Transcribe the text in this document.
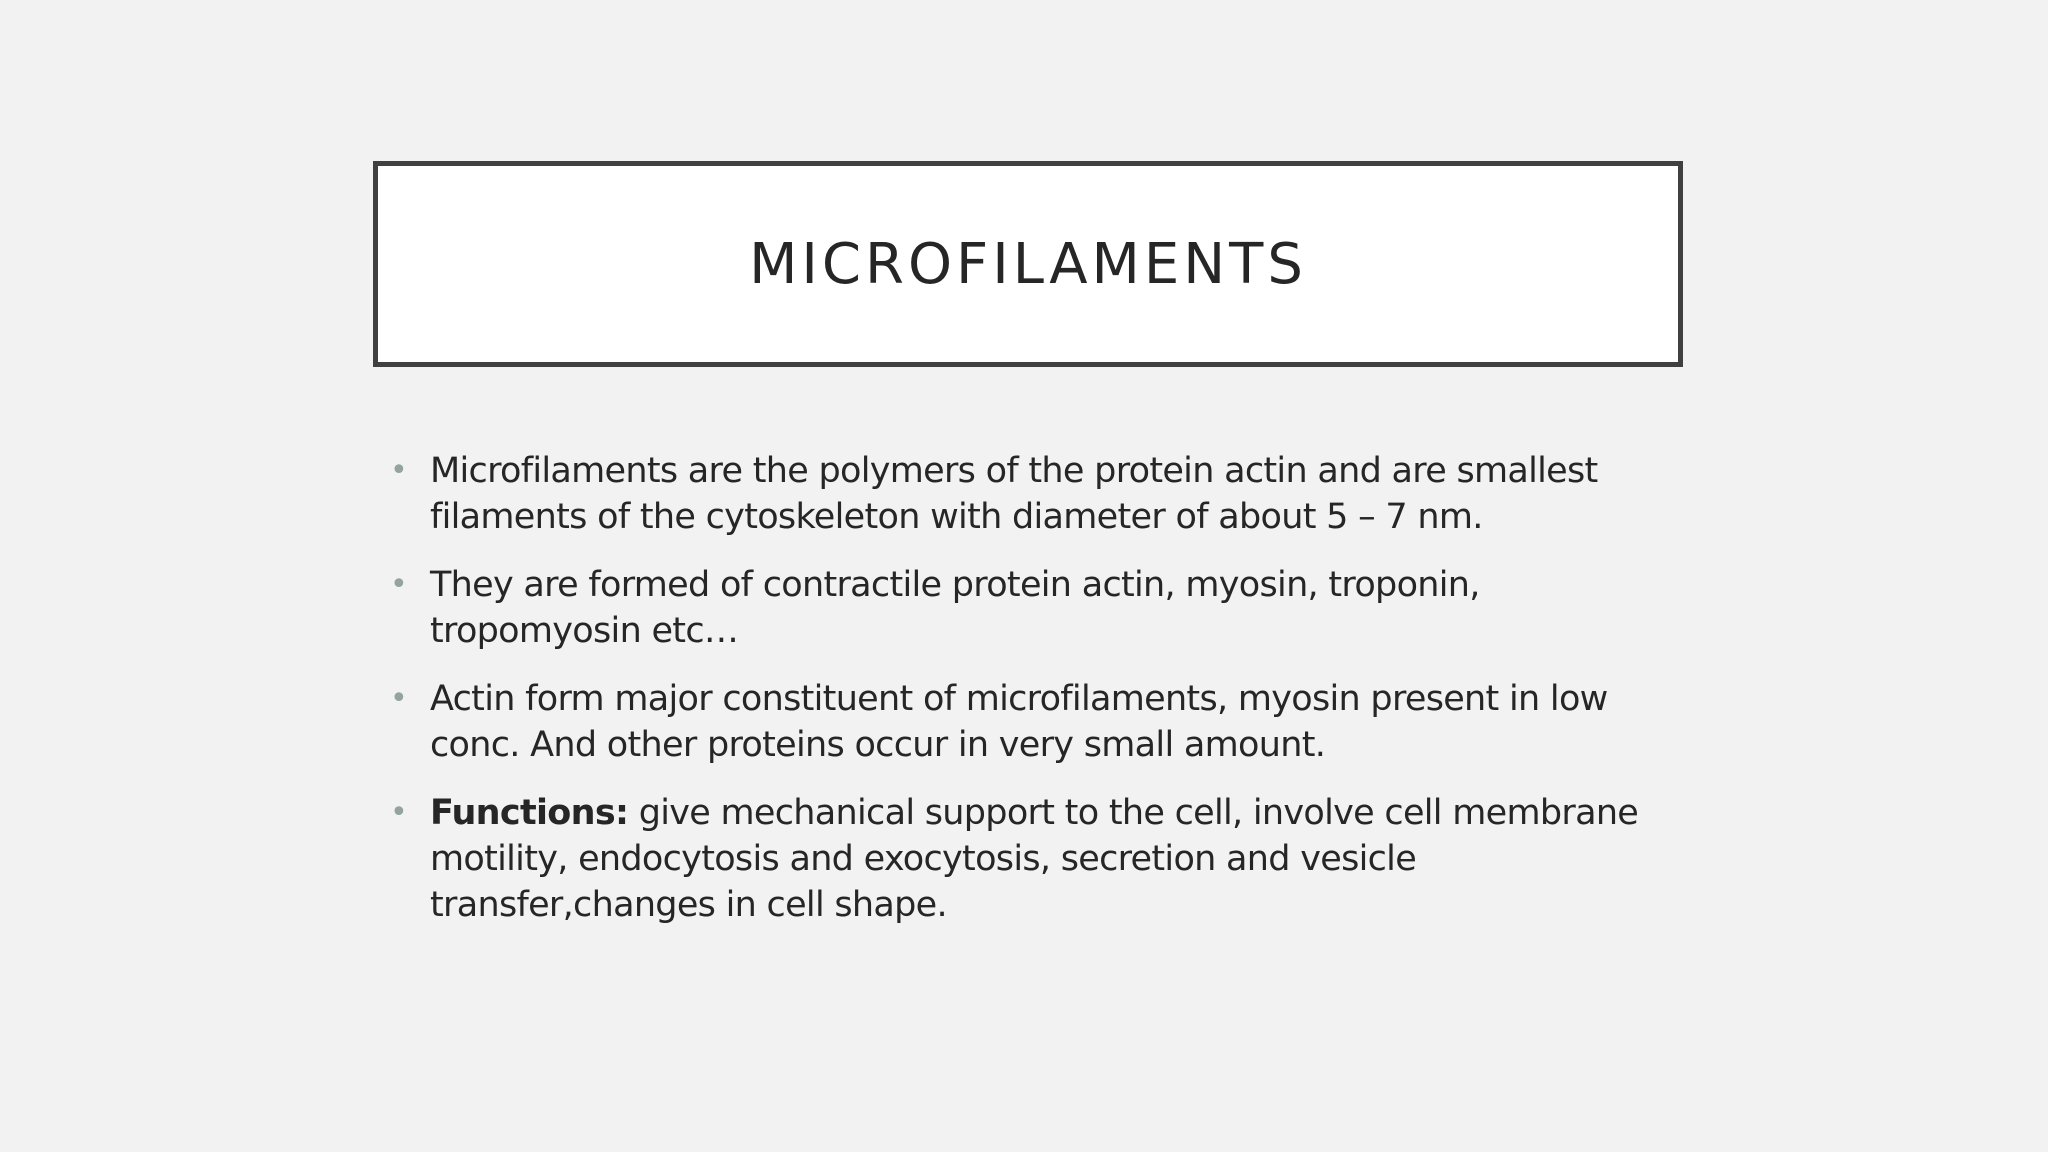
MICROFILAMENTS
• Microfilaments are the polymers of the protein actin and are smallest filaments of the cytoskeleton with diameter of about 5 – 7 nm.
• They are formed of contractile protein actin, myosin, troponin, tropomyosin etc…
• Actin form major constituent of microfilaments, myosin present in low conc. And other proteins occur in very small amount.
• Functions: give mechanical support to the cell, involve cell membrane motility, endocytosis and exocytosis, secretion and vesicle transfer,changes in cell shape.
